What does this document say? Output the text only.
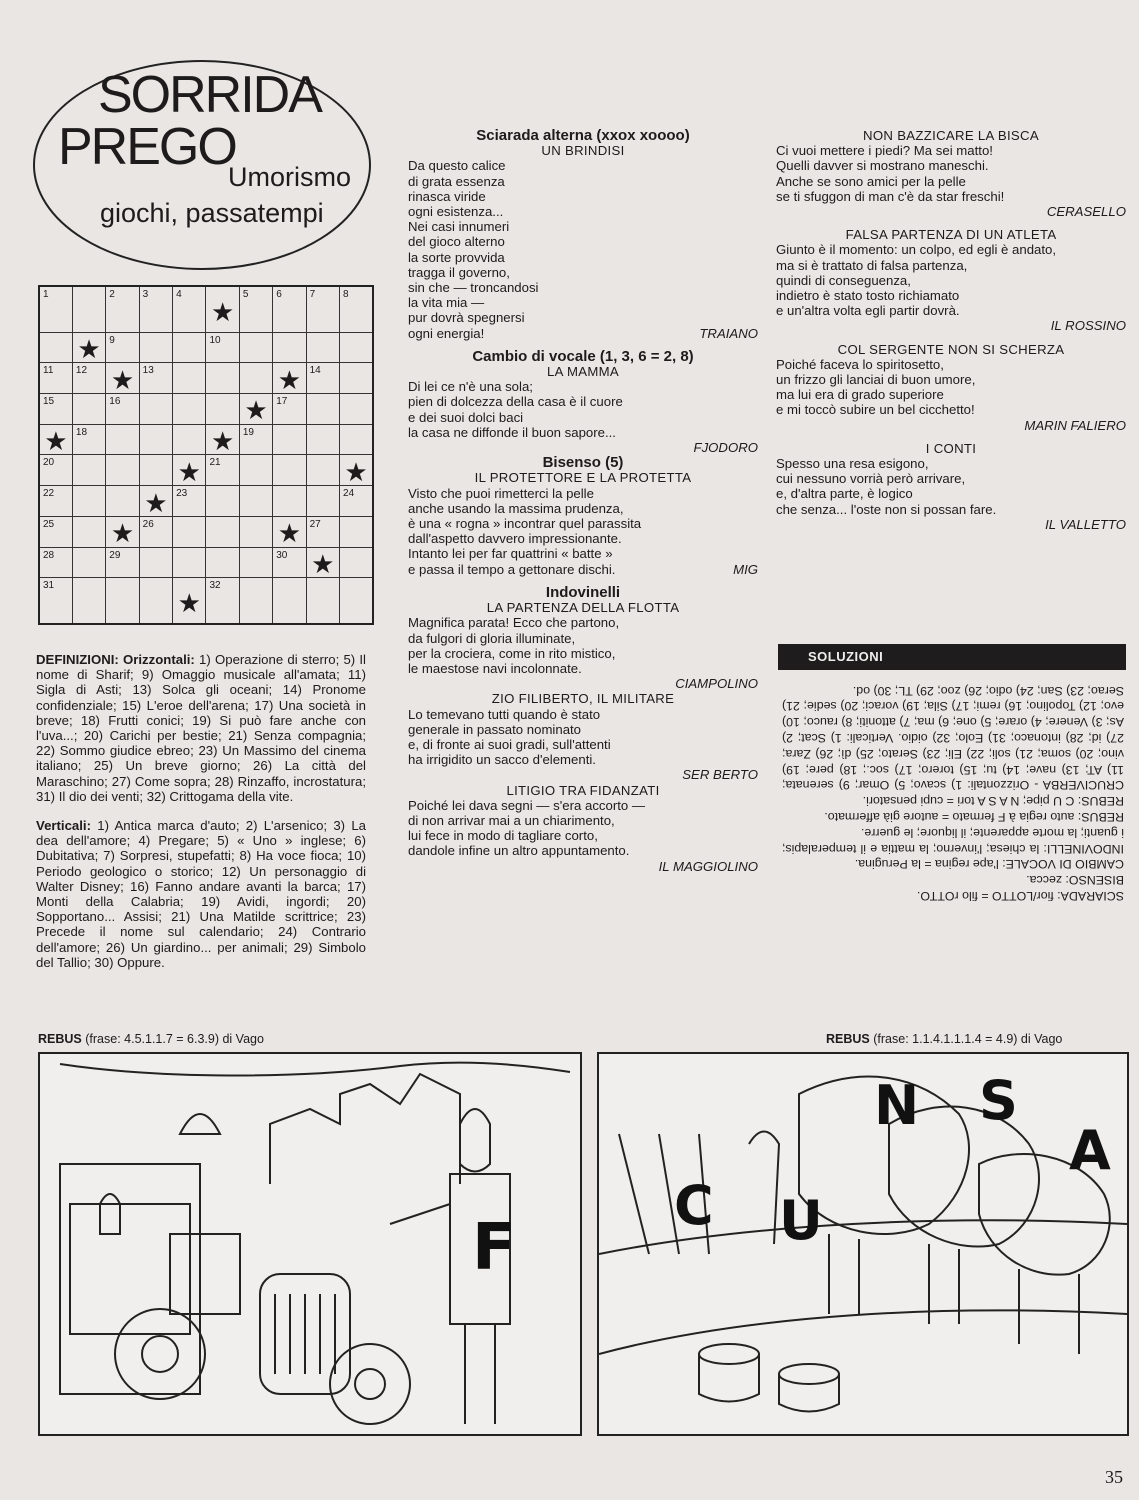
SORRIDA
PREGO
Umorismo
giochi, passatempi
1		2	3	4	★	5	6	7	8

	★	9			10				

11	12	★	13				★	14	

15		16				★	17		

★	18				★	19			

20				★	21				★

22			★	23					24

25		★	26				★	27	

28		29					30	★	

31				★	32				

DEFINIZIONI: Orizzontali: 1) Operazione di sterro; 5) Il nome di Sharif; 9) Omaggio musicale all'amata; 11) Sigla di Asti; 13) Solca gli oceani; 14) Pronome confidenziale; 15) L'eroe dell'arena; 17) Una società in breve; 18) Frutti conici; 19) Si può fare anche con l'uva...; 20) Carichi per bestie; 21) Senza compagnia; 22) Sommo giudice ebreo; 23) Un Massimo del cinema italiano; 25) Un breve giorno; 26) La città del Maraschino; 27) Come sopra; 28) Rinzaffo, incrostatura; 31) Il dio dei venti; 32) Crittogama della vite.

Verticali: 1) Antica marca d'auto; 2) L'arsenico; 3) La dea dell'amore; 4) Pregare; 5) « Uno » inglese; 6) Dubitativa; 7) Sorpresi, stupefatti; 8) Ha voce fioca; 10) Periodo geologico o storico; 12) Un personaggio di Walter Disney; 16) Fanno andare avanti la barca; 17) Monti della Calabria; 19) Avidi, ingordi; 20) Sopportano... Assisi; 21) Una Matilde scrittrice; 23) Precede il nome sul calendario; 24) Contrario dell'amore; 26) Un giardino... per animali; 29) Simbolo del Tallio; 30) Oppure.

Sciarada alterna (xxox xoooo)

UN BRINDISI

Da questo calice

di grata essenza

rinasca viride

ogni esistenza...

Nei casi innumeri

del gioco alterno

la sorte provvida

tragga il governo,

sin che — troncandosi

la vita mia —

pur dovrà spegnersi

ogni energia!	TRAIANO

Cambio di vocale (1, 3, 6 = 2, 8)

LA MAMMA

Di lei ce n'è una sola;

pien di dolcezza della casa è il cuore

e dei suoi dolci baci

la casa ne diffonde il buon sapore...

FJODORO

Bisenso (5)

IL PROTETTORE E LA PROTETTA

Visto che puoi rimetterci la pelle

anche usando la massima prudenza,

è una « rogna » incontrar quel parassita

dall'aspetto davvero impressionante.

Intanto lei per far quattrini « batte »

e passa il tempo a gettonare dischi.	MIG

Indovinelli

LA PARTENZA DELLA FLOTTA

Magnifica parata! Ecco che partono,

da fulgori di gloria illuminate,

per la crociera, come in rito mistico,

le maestose navi incolonnate.

CIAMPOLINO

ZIO FILIBERTO, IL MILITARE

Lo temevano tutti quando è stato

generale in passato nominato

e, di fronte ai suoi gradi, sull'attenti

ha irrigidito un sacco d'elementi.

SER BERTO

LITIGIO TRA FIDANZATI

Poiché lei dava segni — s'era accorto —

di non arrivar mai a un chiarimento,

lui fece in modo di tagliare corto,

dandole infine un altro appuntamento.

IL MAGGIOLINO

NON BAZZICARE LA BISCA

Ci vuoi mettere i piedi? Ma sei matto!

Quelli davver si mostrano maneschi.

Anche se sono amici per la pelle

se ti sfuggon di man c'è da star freschi!

CERASELLO

FALSA PARTENZA DI UN ATLETA

Giunto è il momento: un colpo, ed egli è andato,

ma si è trattato di falsa partenza,

quindi di conseguenza,

indietro è stato tosto richiamato

e un'altra volta egli partir dovrà.

IL ROSSINO

COL SERGENTE NON SI SCHERZA

Poiché faceva lo spiritosetto,

un frizzo gli lanciai di buon umore,

ma lui era di grado superiore

e mi toccò subire un bel cicchetto!

MARIN FALIERO

I CONTI

Spesso una resa esigono,

cui nessuno vorrià però arrivare,

e, d'altra parte, è logico

che senza... l'oste non si possan fare.

IL VALLETTO

SOLUZIONI

SCIARADA: fior/LOTTO = filo rOTTO.

BISENSO: zecca.

CAMBIO DI VOCALE: l'ape regina = la Perugina.

INDOVINELLI: la chiesa; l'inverno; la mattia e il temperalapis; i guanti; la morte apparente; il liquore; le guerre.

REBUS: auto regia à F fermato = autore già affermato.

REBUS: C U pipe; N A S A tori = cupi pensatori.

CRUCIVERBA - Orizzontali: 1) scavo; 5) Omar; 9) serenata; 11) AT; 13) nave; 14) tu; 15) torero; 17) soc.; 18) pere; 19) vino; 20) soma; 21) soli; 22) Eli; 23) Serato; 25) dì; 26) Zara; 27) id; 28) intonaco; 31) Eolo; 32) oidio. Verticali: 1) Scat; 2) As; 3) Venere; 4) orare; 5) one; 6) ma; 7) attoniti; 8) rauco; 10) evo; 12) Topolino; 16) remi; 17) Sila; 19) voraci; 20) sedie; 21) Serao; 23) San; 24) odio; 26) zoo; 29) TL; 30) od.

REBUS (frase: 4.5.1.1.7 = 6.3.9) di Vago	REBUS (frase: 1.1.4.1.1.1.4 = 4.9) di Vago
F
N S
A
C U
35
